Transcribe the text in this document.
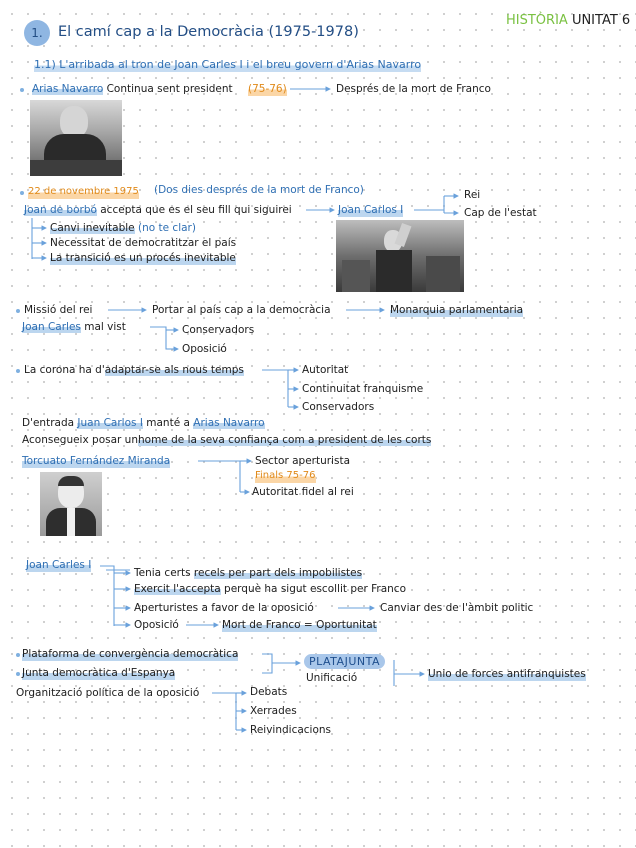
HISTÒRIA UNITAT 6
1.	El camí cap a la Democràcia (1975-1978)
1.1) L'arribada al tron de Joan Carles I i el breu govern d'Arias Navarro
Arias Navarro Continua sent president (75-76)	Després de la mort de Franco
22 de novembre 1975 (Dos dies després de la mort de Franco)
Joan de borbó accepta que es el seu fill qui siguirei	Joan Carlos I
Rei
Cap de l'estat
Canvi inevitable (no te clar)
Necessitat de democratitzar el país
La transició es un procés inevitable
Missió del rei	Portar al país cap a la democràcia	Monarquia parlamentaria
Joan Carles mal vist	Conservadors
Oposició
La corona ha d'adaptar-se als nous temps	Autoritat
Continuitat franquisme
Conservadors
D'entrada Juan Carlos I manté a Arias Navarro
Aconsegueix posar unhome de la seva confiança com a president de les corts
Torcuato Fernández Miranda	Sector aperturista
Finals 75-76
Autoritat fidel al rei
Joan Carles I
Tenia certs recels per part dels impobilistes
Exercit l'accepta perquè ha sigut escollit per Franco
Aperturistes a favor de la oposició	Canviar des de l'àmbit politic
Oposició	Mort de Franco = Oportunitat
Plataforma de convergència democràtica
Junta democràtica d'Espanya
PLATAJUNTA
Unificació	Unio de forces antifranquistes
Organització política de la oposició	Debats
Xerrades
Reivindicacions
